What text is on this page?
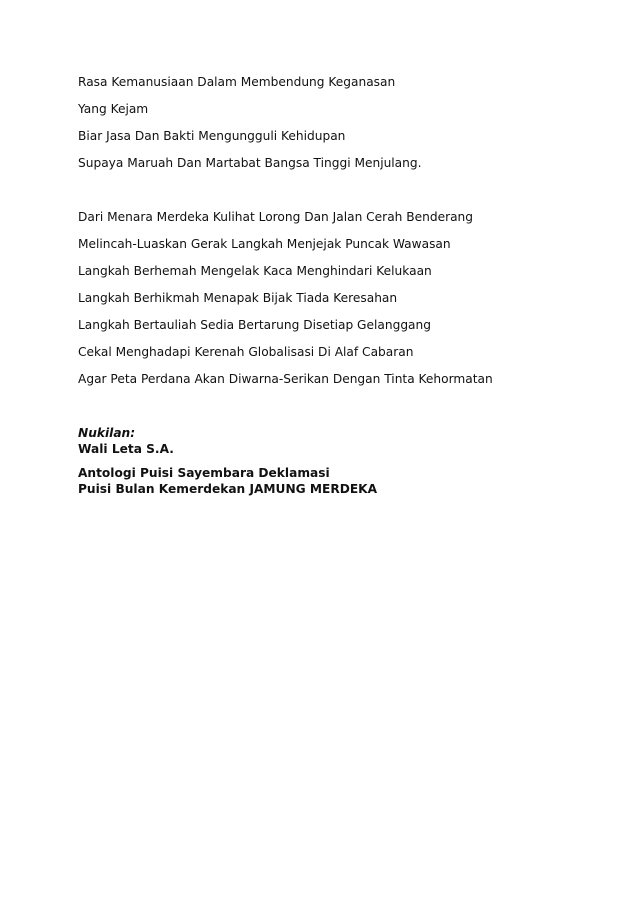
Rasa Kemanusiaan Dalam Membendung Keganasan

Yang Kejam

Biar Jasa Dan Bakti Mengungguli Kehidupan

Supaya Maruah Dan Martabat Bangsa Tinggi Menjulang.

Dari Menara Merdeka Kulihat Lorong Dan Jalan Cerah Benderang

Melincah-Luaskan Gerak Langkah Menjejak Puncak Wawasan

Langkah Berhemah Mengelak Kaca Menghindari Kelukaan

Langkah Berhikmah Menapak Bijak Tiada Keresahan

Langkah Bertauliah Sedia Bertarung Disetiap Gelanggang

Cekal Menghadapi Kerenah Globalisasi Di Alaf Cabaran

Agar Peta Perdana Akan Diwarna-Serikan Dengan Tinta Kehormatan

Nukilan:

Wali Leta S.A.

Antologi Puisi Sayembara Deklamasi

Puisi Bulan Kemerdekan JAMUNG MERDEKA
